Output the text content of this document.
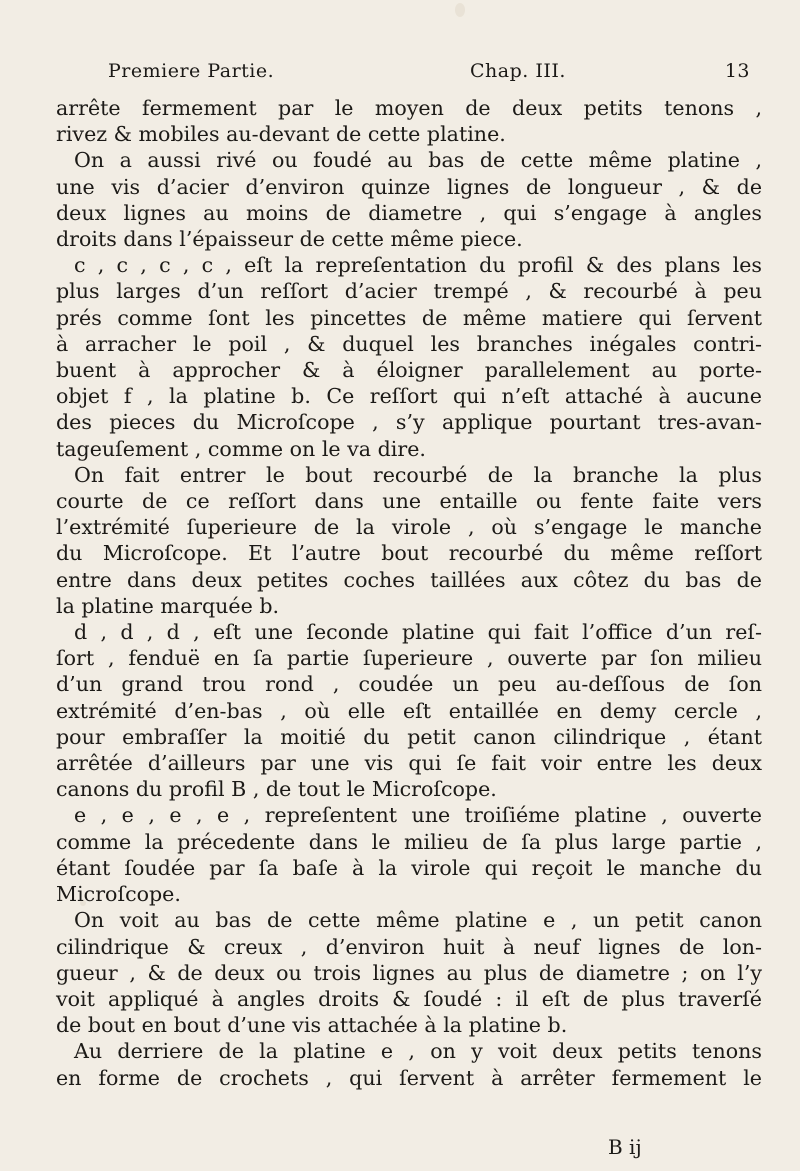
Premiere Partie.	Chap. III.	13
arrête fermement par le moyen de deux petits tenons ,
rivez & mobiles au-devant de cette platine.
On a aussi rivé ou foudé au bas de cette même platine ,
une vis d’acier d’environ quinze lignes de longueur , & de
deux lignes au moins de diametre , qui s’engage à angles
droits dans l’épaisseur de cette même piece.
c , c , c , c , eſt la repreſentation du profil & des plans les
plus larges d’un reſſort d’acier trempé , & recourbé à peu
prés comme ſont les pincettes de même matiere qui ſervent
à arracher le poil , & duquel les branches inégales contri-
buent à approcher & à éloigner parallelement au porte-
objet f , la platine b. Ce reſſort qui n’eſt attaché à aucune
des pieces du Microſcope , s’y applique pourtant tres-avan-
tageuſement , comme on le va dire.
On fait entrer le bout recourbé de la branche la plus
courte de ce reſſort dans une entaille ou fente faite vers
l’extrémité ſuperieure de la virole , où s’engage le manche
du Microſcope. Et l’autre bout recourbé du même reſſort
entre dans deux petites coches taillées aux côtez du bas de
la platine marquée b.
d , d , d , eſt une ſeconde platine qui fait l’office d’un reſ-
ſort , fenduë en ſa partie ſuperieure , ouverte par ſon milieu
d’un grand trou rond , coudée un peu au-deſſous de ſon
extrémité d’en-bas , où elle eſt entaillée en demy cercle ,
pour embraſſer la moitié du petit canon cilindrique , étant
arrêtée d’ailleurs par une vis qui ſe fait voir entre les deux
canons du profil B , de tout le Microſcope.
e , e , e , e , repreſentent une troiſiéme platine , ouverte
comme la précedente dans le milieu de ſa plus large partie ,
étant ſoudée par ſa baſe à la virole qui reçoit le manche du
Microſcope.
On voit au bas de cette même platine e , un petit canon
cilindrique & creux , d’environ huit à neuf lignes de lon-
gueur , & de deux ou trois lignes au plus de diametre ; on l’y
voit appliqué à angles droits & ſoudé : il eſt de plus traverſé
de bout en bout d’une vis attachée à la platine b.
Au derriere de la platine e , on y voit deux petits tenons
en forme de crochets , qui ſervent à arrêter fermement le
B ij
